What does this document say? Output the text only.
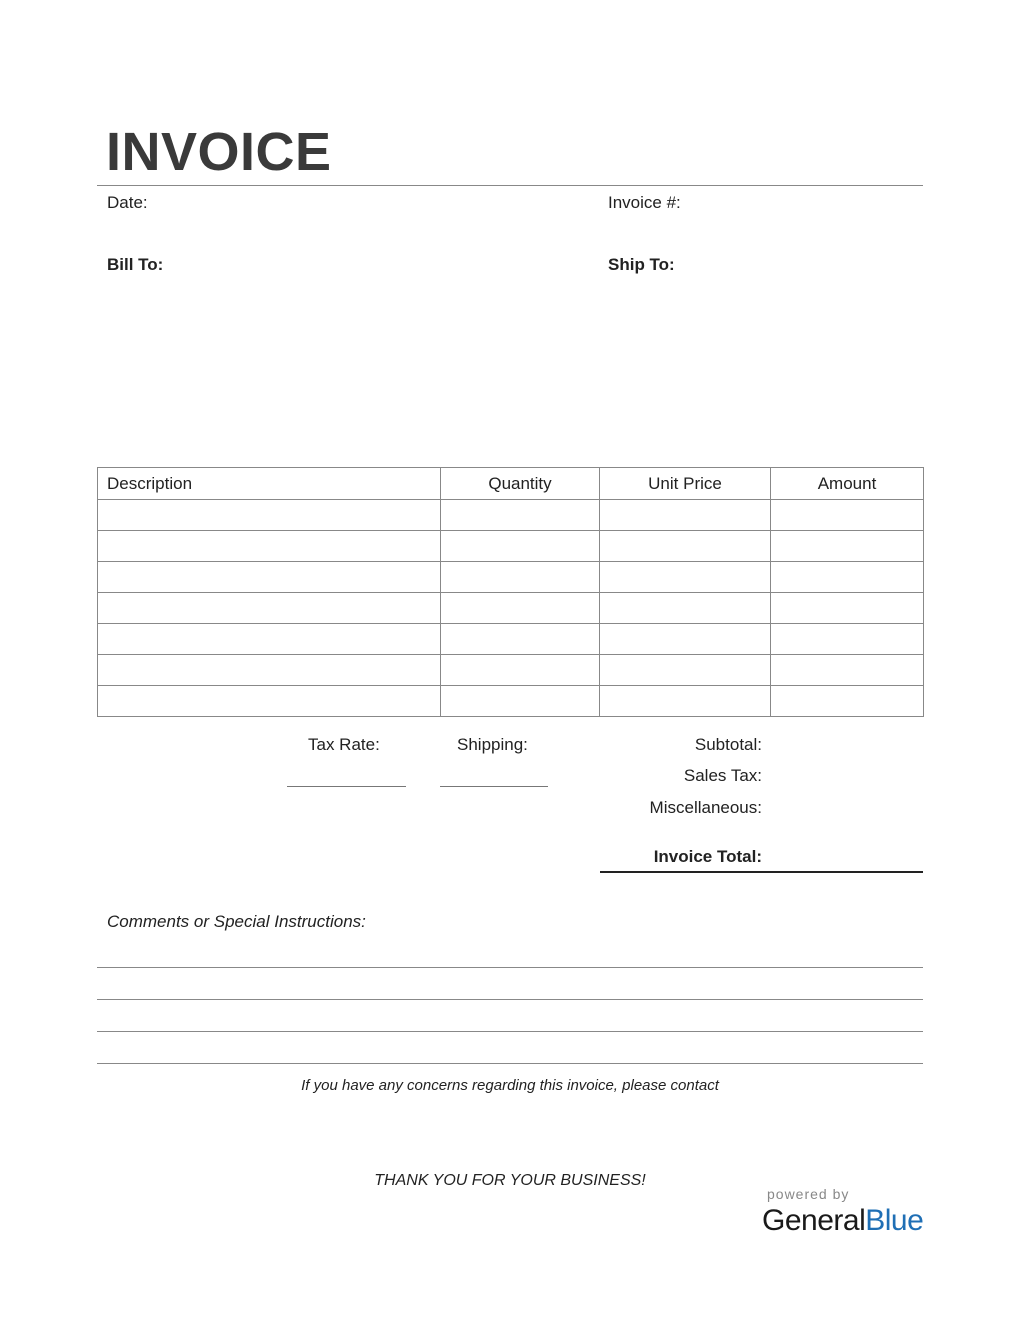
INVOICE
Date:	Invoice #:
Bill To:	Ship To:
Description	Quantity	Unit Price	Amount

Tax Rate:	Shipping:	Subtotal:
Sales Tax:
Miscellaneous:
Invoice Total:
Comments or Special Instructions:
If you have any concerns regarding this invoice, please contact
THANK YOU FOR YOUR BUSINESS!
powered by
GeneralBlue
